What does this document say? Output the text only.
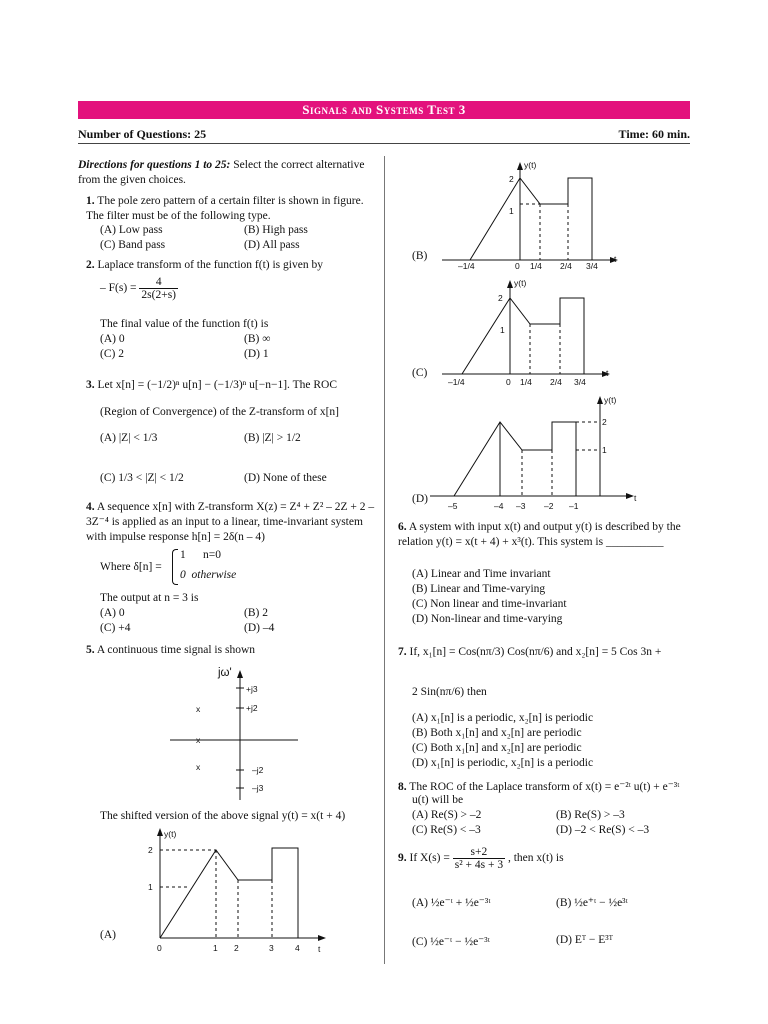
Signals and Systems Test 3
Number of Questions: 25	Time: 60 min.
Directions for questions 1 to 25: Select the correct alternative from the given choices.
1. The pole zero pattern of a certain filter is shown in figure. The filter must be of the following type.
(A) Low pass	(B) High pass
(C) Band pass	(D) All pass
2. Laplace transform of the function f(t) is given by
– $F(s) = \frac{4}{2s(2+s)}$
The final value of the function f(t) is
(A) 0	(B) ∞
(C) 2	(D) 1
3. Let x[n] = (−1/2)ⁿ u[n] − (−1/3)ⁿ u[−n−1]. The ROC
(Region of Convergence) of the Z-transform of x[n]
(A) |Z| < 1/3	(B) |Z| > 1/2
(C) 1/3 < |Z| < 1/2	(D) None of these
4. A sequence x[n] with Z-transform X(z) = Z⁴ + Z² – 2Z + 2 – 3Z⁻⁴ is applied as an input to a linear, time-invariant system with impulse response h[n] = 2δ(n – 4)
Where δ[n] =
1      n=0
0  otherwise
The output at n = 3 is
(A) 0	(B) 2
(C) +4	(D) –4
5. A continuous time signal is shown
jω'
+j3
+j2
–j2
–j3
x
x
x
The shifted version of the above signal y(t) = x(t + 4)
(A)
y(t)
t
2
1
0	1 2	3	4
(B)
y(t)
t
2
1
–1/4	0 1/4 2/4 3/4
(C)
y(t)
t
2
1
–1/4	0 1/4 2/4 3/4
(D)
y(t)
t
2
1
–5	–4 –3 –2 –1
6. A system with input x(t) and output y(t) is described by the relation y(t) = x(t + 4) + x³(t). This system is __________
(A) Linear and Time invariant
(B) Linear and Time-varying
(C) Non linear and time-invariant
(D) Non-linear and time-varying
7. If, x₁[n] = Cos(nπ/3) Cos(nπ/6) and x₂[n] = 5 Cos 3n +
2 Sin(nπ/6) then
(A) x₁[n] is a periodic, x₂[n] is periodic
(B) Both x₁[n] and x₂[n] are periodic
(C) Both x₁[n] and x₂[n] are periodic
(D) x₁[n] is periodic, x₂[n] is a periodic
8. The ROC of the Laplace transform of x(t) = e⁻²ᵗ u(t) + e⁻³ᵗ
u(t) will be
(A) Re(S) > –2	(B) Re(S) > –3
(C) Re(S) < –3	(D) –2 < Re(S) < –3
9. If $X(s) = \frac{s+2}{\text{s² + 4s + 3}}$ , then x(t) is
(A) ½e⁻ᵗ + ½e⁻³ᵗ	(B) ½e⁺ᵗ − ½e³ᵗ
(C) ½e⁻ᵗ − ½e⁻³ᵗ	(D) Eᵀ − E³ᵀ
